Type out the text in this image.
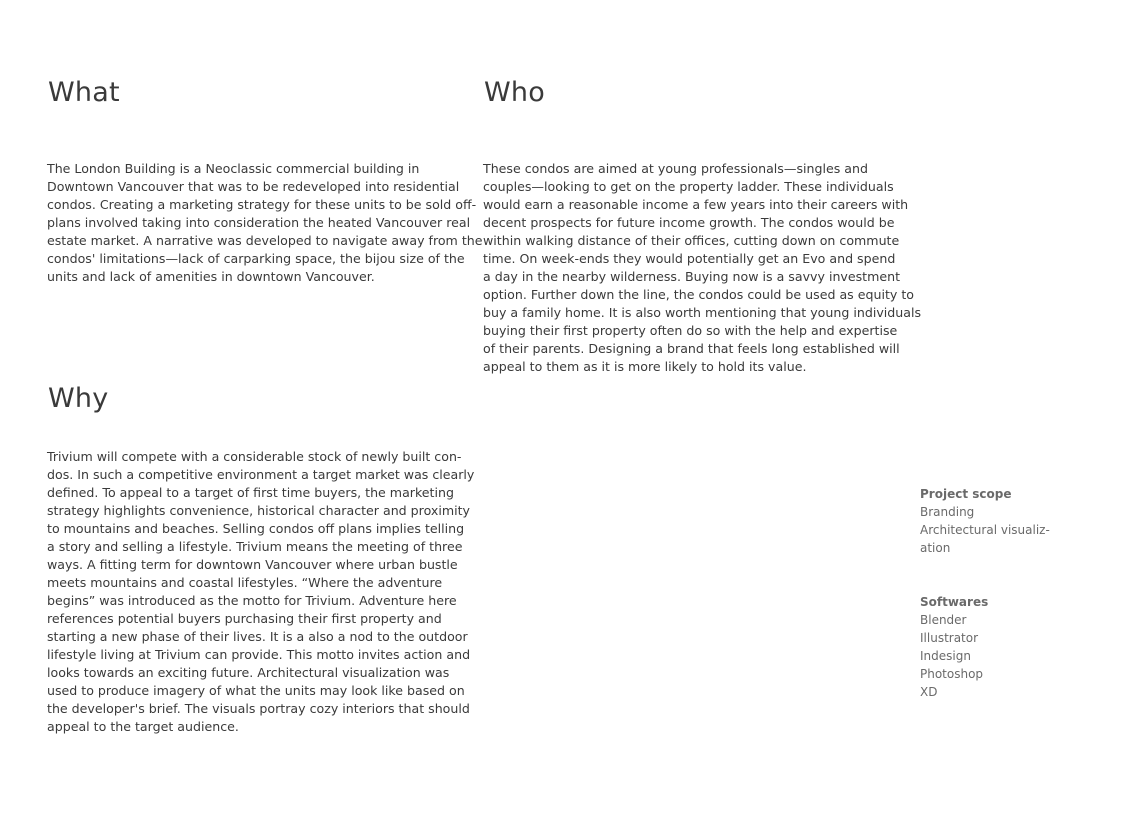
What

The London Building is a Neoclassic commercial building in
Downtown Vancouver that was to be redeveloped into residential
condos. Creating a marketing strategy for these units to be sold off-
plans involved taking into consideration the heated Vancouver real
estate market. A narrative was developed to navigate away from the
condos' limitations—lack of carparking space, the bijou size of the
units and lack of amenities in downtown Vancouver.

Who

These condos are aimed at young professionals—singles and
couples—looking to get on the property ladder. These individuals
would earn a reasonable income a few years into their careers with
decent prospects for future income growth. The condos would be
within walking distance of their offices, cutting down on commute
time. On week-ends they would potentially get an Evo and spend
a day in the nearby wilderness. Buying now is a savvy investment
option. Further down the line, the condos could be used as equity to
buy a family home. It is also worth mentioning that young individuals
buying their first property often do so with the help and expertise
of their parents. Designing a brand that feels long established will
appeal to them as it is more likely to hold its value.

Why

Trivium will compete with a considerable stock of newly built con-
dos. In such a competitive environment a target market was clearly
defined. To appeal to a target of first time buyers, the marketing
strategy highlights convenience, historical character and proximity
to mountains and beaches. Selling condos off plans implies telling
a story and selling a lifestyle. Trivium means the meeting of three
ways. A fitting term for downtown Vancouver where urban bustle
meets mountains and coastal lifestyles. “Where the adventure
begins” was introduced as the motto for Trivium. Adventure here
references potential buyers purchasing their first property and
starting a new phase of their lives. It is a also a nod to the outdoor
lifestyle living at Trivium can provide. This motto invites action and
looks towards an exciting future. Architectural visualization was
used to produce imagery of what the units may look like based on
the developer's brief. The visuals portray cozy interiors that should
appeal to the target audience.

Project scope
Branding
Architectural visualiz-
ation
Softwares
Blender
Illustrator
Indesign
Photoshop
XD
